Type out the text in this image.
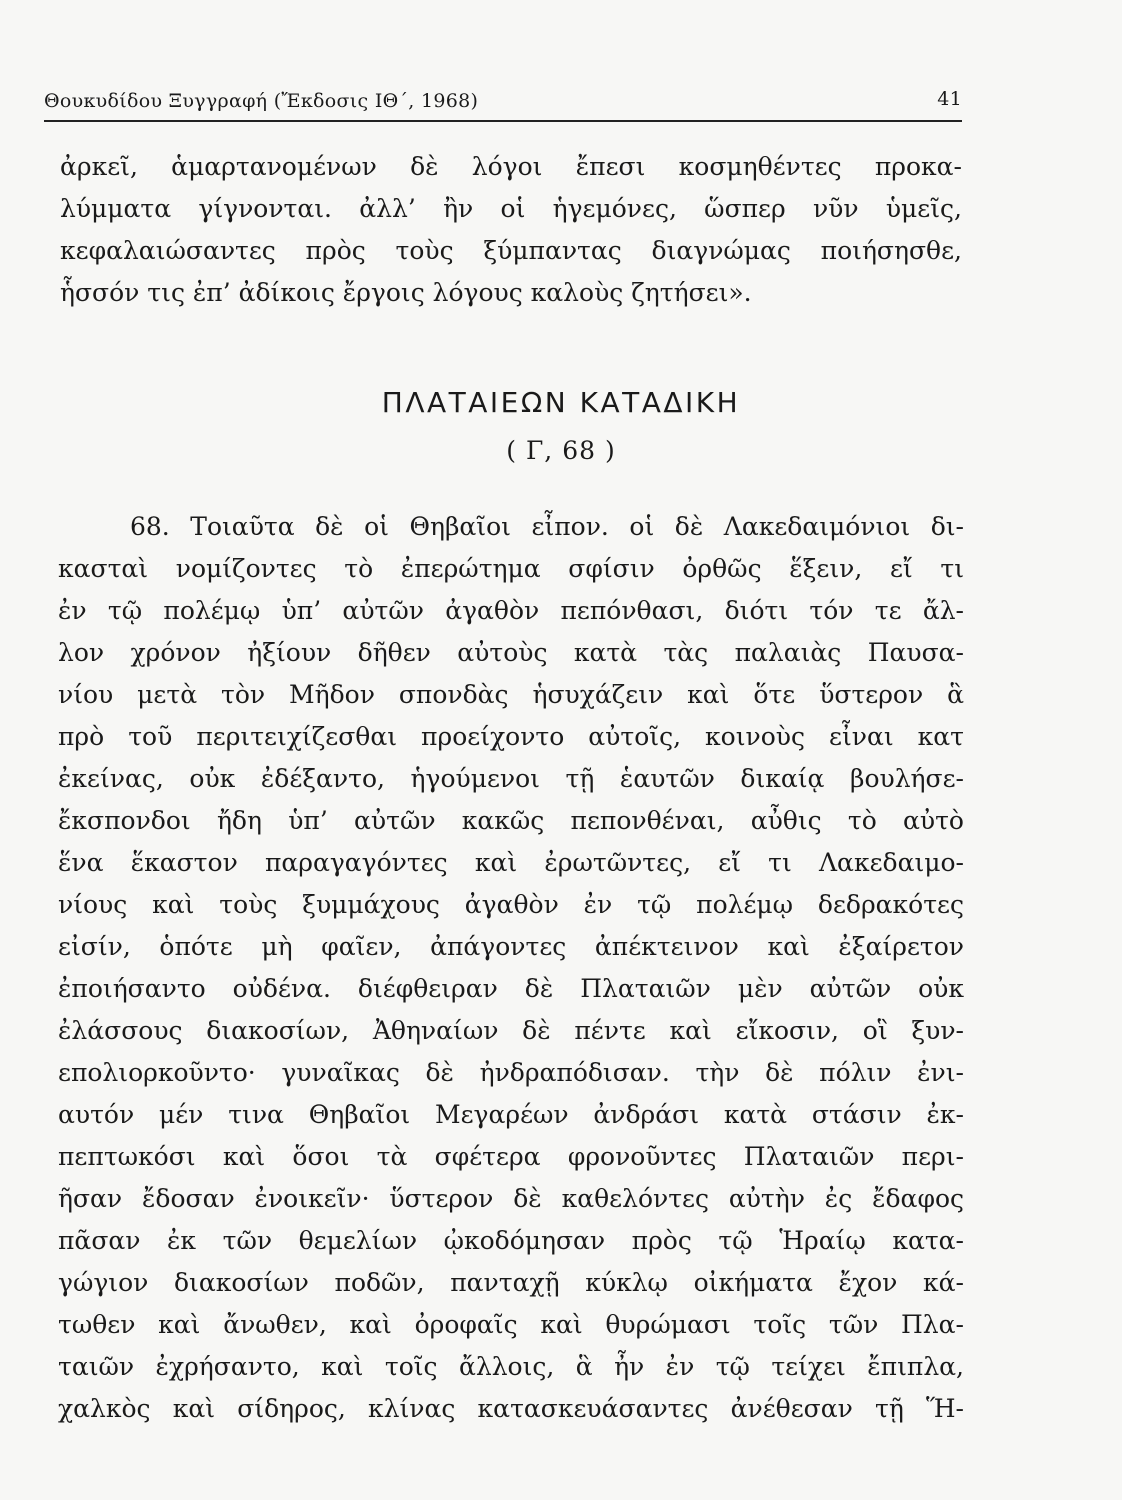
Θουκυδίδου Ξυγγραφή (Ἔκδοσις ΙΘ΄, 1968)	41

ἀρκεῖ, ἁμαρτανομένων δὲ λόγοι ἔπεσι κοσμηθέντες προκα-

λύμματα γίγνονται. ἀλλ’ ἢν οἱ ἡγεμόνες, ὥσπερ νῦν ὑμεῖς,

κεφαλαιώσαντες πρὸς τοὺς ξύμπαντας διαγνώμας ποιήσησθε,

ἧσσόν τις ἐπ’ ἀδίκοις ἔργοις λόγους καλοὺς ζητήσει».

ΠΛΑΤΑΙΕΩΝ ΚΑΤΑΔΙΚΗ
( Γ, 68 )

68. Τοιαῦτα δὲ οἱ Θηβαῖοι εἶπον. οἱ δὲ Λακεδαιμόνιοι δι-

κασταὶ νομίζοντες τὸ ἐπερώτημα σφίσιν ὀρθῶς ἕξειν, εἴ τι

ἐν τῷ πολέμῳ ὑπ’ αὐτῶν ἀγαθὸν πεπόνθασι, διότι τόν τε ἄλ-

λον χρόνον ἠξίουν δῆθεν αὐτοὺς κατὰ τὰς παλαιὰς Παυσα-

νίου μετὰ τὸν Μῆδον σπονδὰς ἡσυχάζειν καὶ ὅτε ὕστερον ἃ

πρὸ τοῦ περιτειχίζεσθαι προείχοντο αὐτοῖς, κοινοὺς εἶναι κατ

ἐκείνας, οὐκ ἐδέξαντο, ἡγούμενοι τῇ ἑαυτῶν δικαίᾳ βουλήσε-

ἔκσπονδοι ἤδη ὑπ’ αὐτῶν κακῶς πεπονθέναι, αὖθις τὸ αὐτὸ

ἕνα ἕκαστον παραγαγόντες καὶ ἐρωτῶντες, εἴ τι Λακεδαιμο-

νίους καὶ τοὺς ξυμμάχους ἀγαθὸν ἐν τῷ πολέμῳ δεδρακότες

εἰσίν, ὁπότε μὴ φαῖεν, ἀπάγοντες ἀπέκτεινον καὶ ἐξαίρετον

ἐποιήσαντο οὐδένα. διέφθειραν δὲ Πλαταιῶν μὲν αὐτῶν οὐκ

ἐλάσσους διακοσίων, Ἀθηναίων δὲ πέντε καὶ εἴκοσιν, οἳ ξυν-

επολιορκοῦντο· γυναῖκας δὲ ἠνδραπόδισαν. τὴν δὲ πόλιν ἐνι-

αυτόν μέν τινα Θηβαῖοι Μεγαρέων ἀνδράσι κατὰ στάσιν ἐκ-

πεπτωκόσι καὶ ὅσοι τὰ σφέτερα φρονοῦντες Πλαταιῶν περι-

ῆσαν ἔδοσαν ἐνοικεῖν· ὕστερον δὲ καθελόντες αὐτὴν ἐς ἔδαφος

πᾶσαν ἐκ τῶν θεμελίων ᾠκοδόμησαν πρὸς τῷ Ἡραίῳ κατα-

γώγιον διακοσίων ποδῶν, πανταχῇ κύκλῳ οἰκήματα ἔχον κά-

τωθεν καὶ ἄνωθεν, καὶ ὀροφαῖς καὶ θυρώμασι τοῖς τῶν Πλα-

ταιῶν ἐχρήσαντο, καὶ τοῖς ἄλλοις, ἃ ἦν ἐν τῷ τείχει ἔπιπλα,

χαλκὸς καὶ σίδηρος, κλίνας κατασκευάσαντες ἀνέθεσαν τῇ Ἥ-
